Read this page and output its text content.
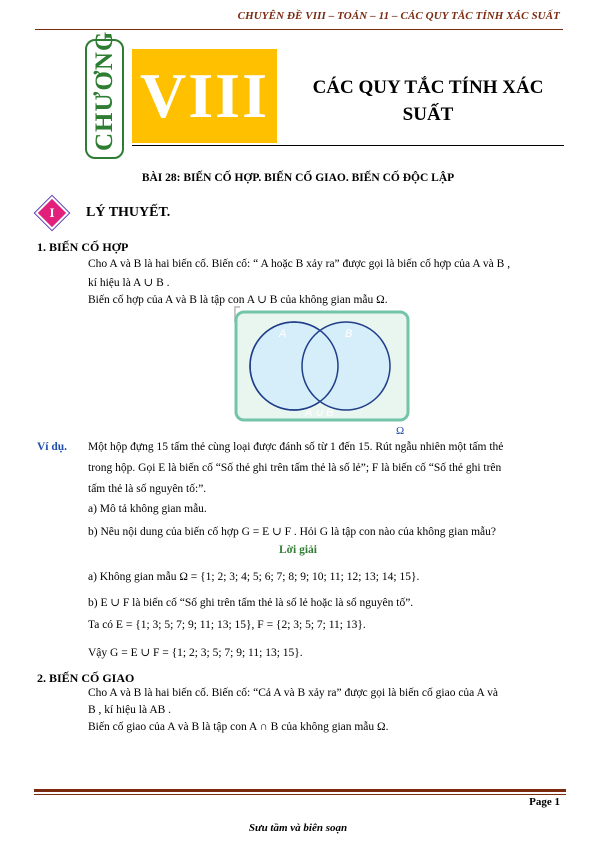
CHUYÊN ĐỀ VIII – TOÁN – 11 – CÁC QUY TẮC TÍNH XÁC SUẤT
CHƯƠNG VIII	CÁC QUY TẮC TÍNH XÁC
SUẤT
BÀI 28: BIẾN CỐ HỢP. BIẾN CỐ GIAO. BIẾN CỐ ĐỘC LẬP
I	LÝ THUYẾT.
1. BIẾN CỐ HỢP
Cho A và B là hai biến cố. Biến cố: “ A hoặc B xảy ra” được gọi là biến cố hợp của A và B ,
kí hiệu là A ∪ B .
Biến cố hợp của A và B là tập con A ∪ B của không gian mẫu Ω.
A	B
A ∪ B
Ω
Ví dụ. Một hộp đựng 15 tấm thẻ cùng loại được đánh số từ 1 đến 15. Rút ngẫu nhiên một tấm thẻ
trong hộp. Gọi E là biến cố “Số thẻ ghi trên tấm thẻ là số lẻ”; F là biến cố “Số thẻ ghi trên
tấm thẻ là số nguyên tố:”.
a) Mô tả không gian mẫu.
b) Nêu nội dung của biến cố hợp G = E ∪ F . Hỏi G là tập con nào của không gian mẫu?
Lời giải
a) Không gian mẫu Ω = {1; 2; 3; 4; 5; 6; 7; 8; 9; 10; 11; 12; 13; 14; 15}.
b) E ∪ F là biến cố “Số ghi trên tấm thẻ là số lẻ hoặc là số nguyên tố”.
Ta có E = {1; 3; 5; 7; 9; 11; 13; 15}, F = {2; 3; 5; 7; 11; 13}.
Vậy G = E ∪ F = {1; 2; 3; 5; 7; 9; 11; 13; 15}.
2. BIẾN CỐ GIAO
Cho A và B là hai biến cố. Biến cố: “Cả A và B xảy ra” được gọi là biến cố giao của A và
B , kí hiệu là AB .
Biến cố giao của A và B là tập con A ∩ B của không gian mẫu Ω.
Page 1
Sưu tầm và biên soạn
